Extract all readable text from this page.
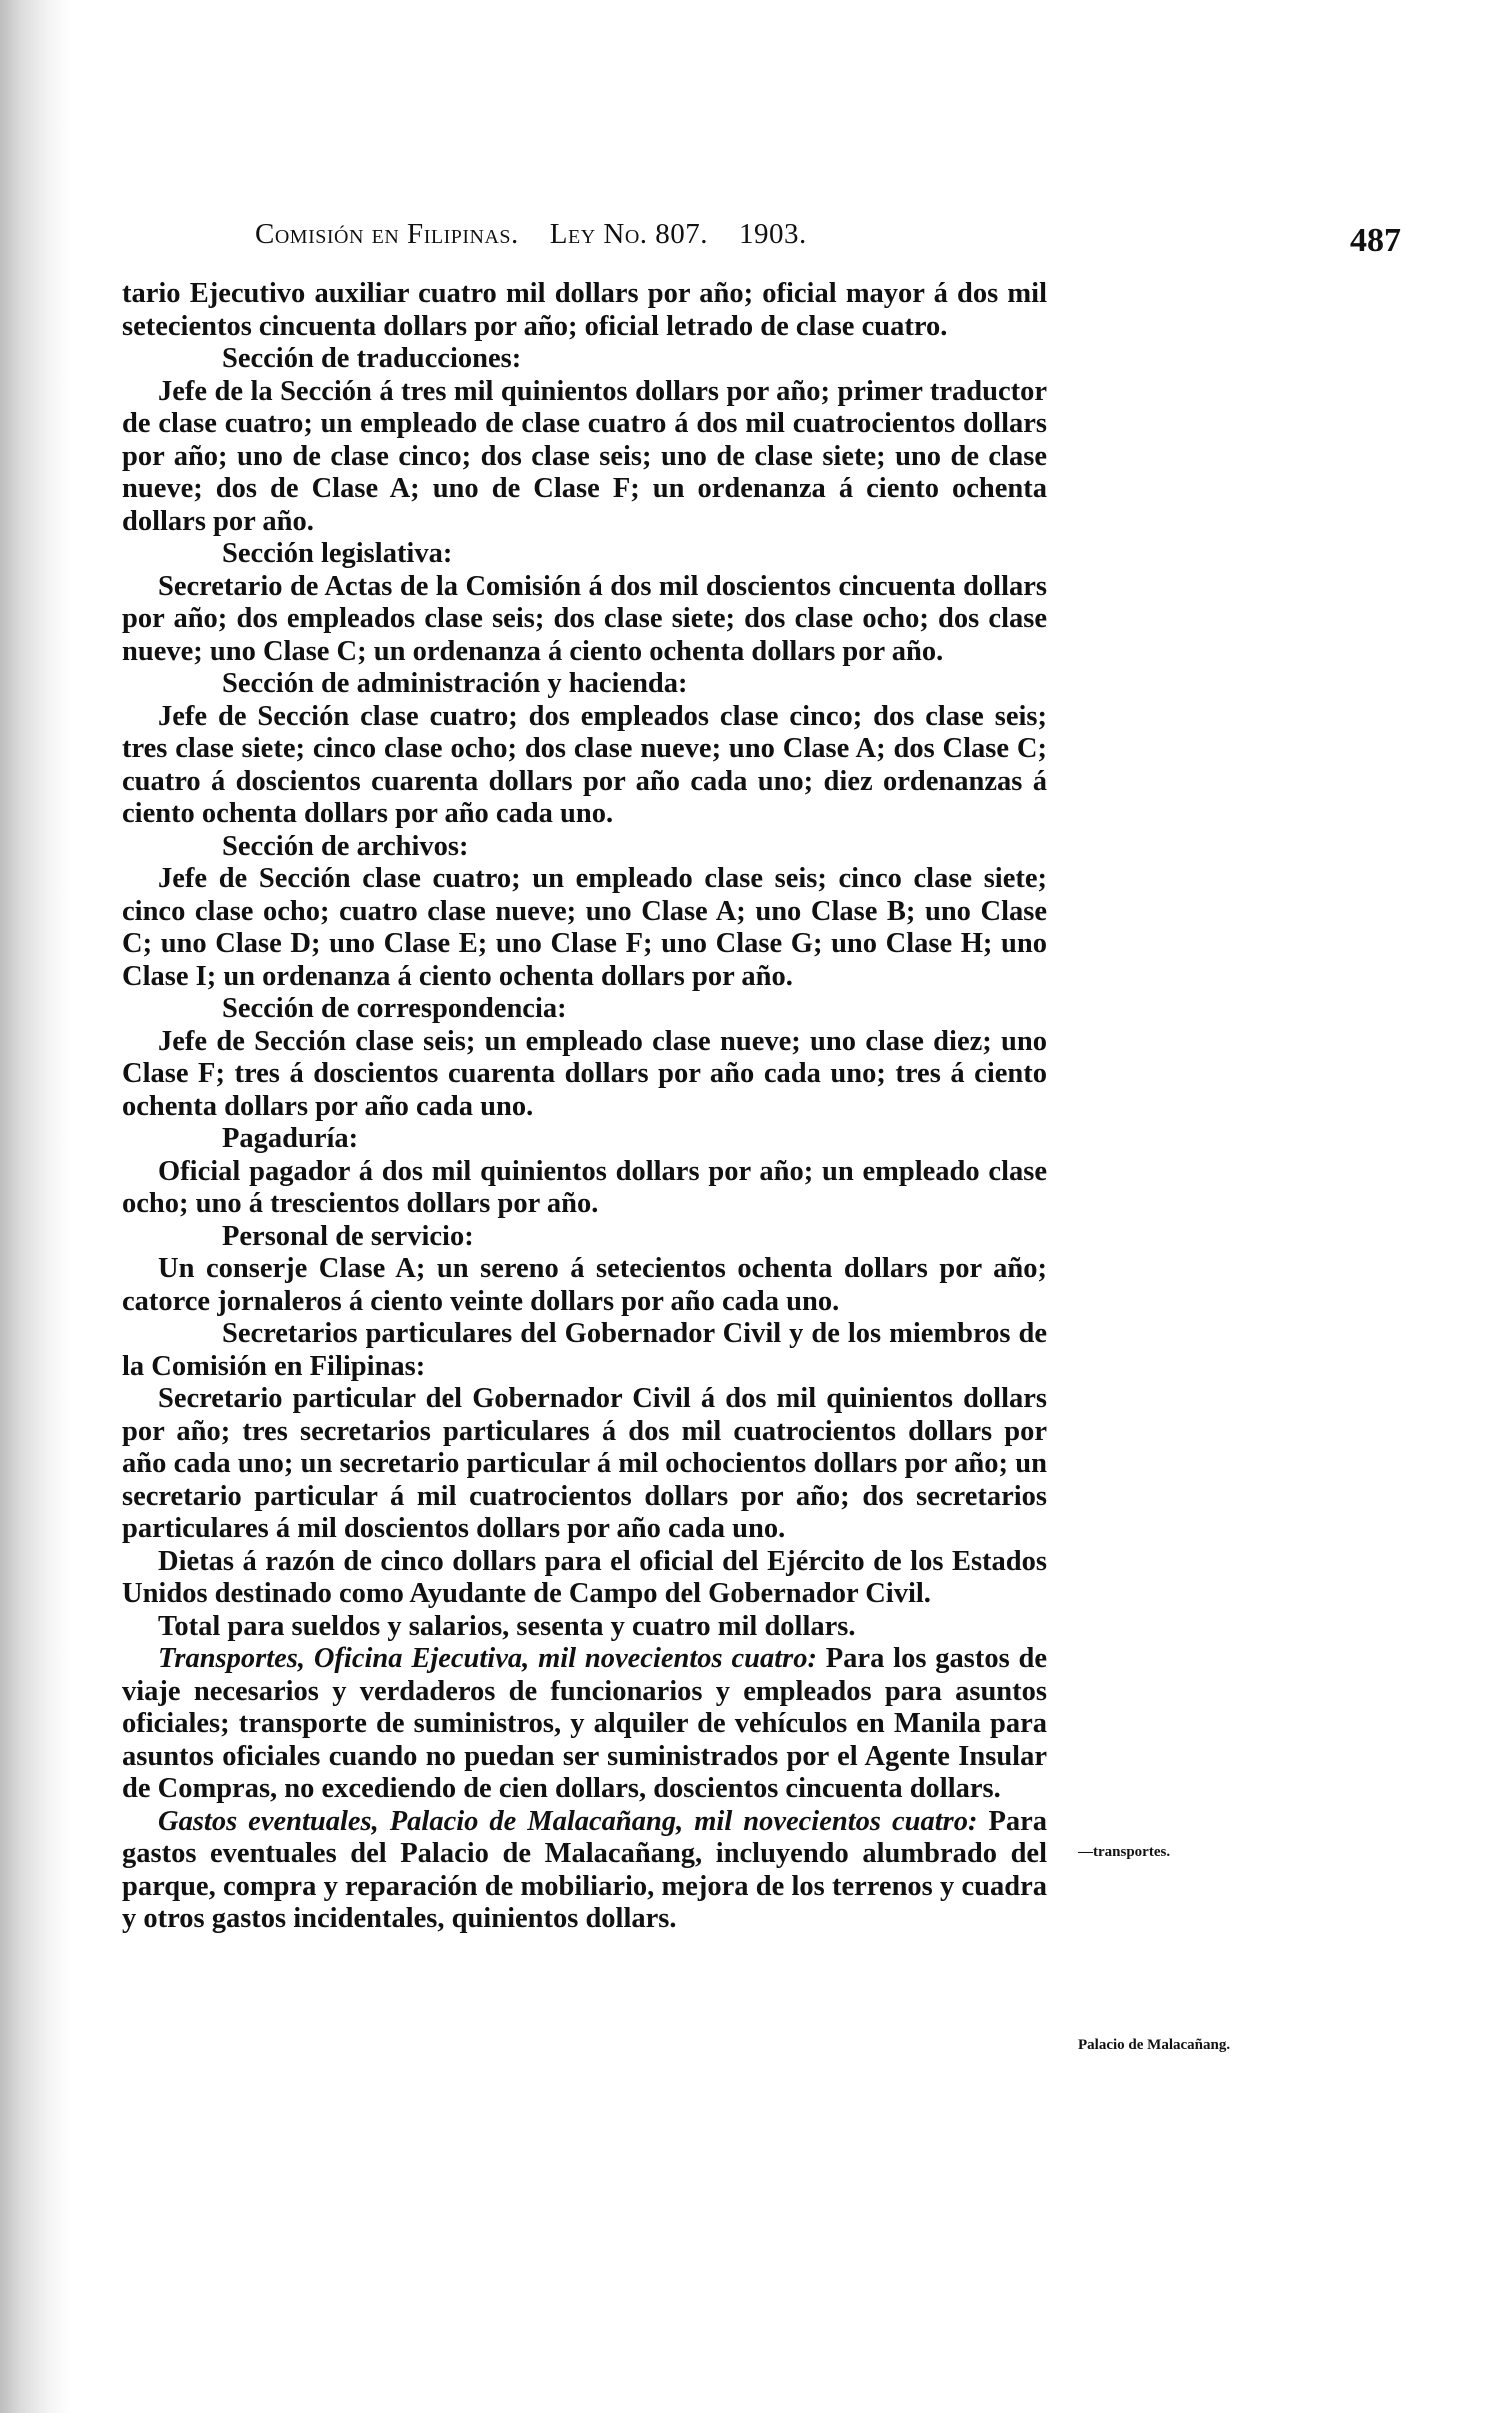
Comisión en Filipinas. Ley No. 807. 1903.	487

tario Ejecutivo auxiliar cuatro mil dollars por año; oficial mayor á dos mil setecientos cincuenta dollars por año; oficial letrado de clase cuatro.

Sección de traducciones:

Jefe de la Sección á tres mil quinientos dollars por año; primer traductor de clase cuatro; un empleado de clase cuatro á dos mil cuatrocientos dollars por año; uno de clase cinco; dos clase seis; uno de clase siete; uno de clase nueve; dos de Clase A; uno de Clase F; un ordenanza á ciento ochenta dollars por año.

Sección legislativa:

Secretario de Actas de la Comisión á dos mil doscientos cincuenta dollars por año; dos empleados clase seis; dos clase siete; dos clase ocho; dos clase nueve; uno Clase C; un ordenanza á ciento ochenta dollars por año.

Sección de administración y hacienda:

Jefe de Sección clase cuatro; dos empleados clase cinco; dos clase seis; tres clase siete; cinco clase ocho; dos clase nueve; uno Clase A; dos Clase C; cuatro á doscientos cuarenta dollars por año cada uno; diez ordenanzas á ciento ochenta dollars por año cada uno.

Sección de archivos:

Jefe de Sección clase cuatro; un empleado clase seis; cinco clase siete; cinco clase ocho; cuatro clase nueve; uno Clase A; uno Clase B; uno Clase C; uno Clase D; uno Clase E; uno Clase F; uno Clase G; uno Clase H; uno Clase I; un ordenanza á ciento ochenta dollars por año.

Sección de correspondencia:

Jefe de Sección clase seis; un empleado clase nueve; uno clase diez; uno Clase F; tres á doscientos cuarenta dollars por año cada uno; tres á ciento ochenta dollars por año cada uno.

Pagaduría:

Oficial pagador á dos mil quinientos dollars por año; un empleado clase ocho; uno á trescientos dollars por año.

Personal de servicio:

Un conserje Clase A; un sereno á setecientos ochenta dollars por año; catorce jornaleros á ciento veinte dollars por año cada uno.

Secretarios particulares del Gobernador Civil y de los miembros de la Comisión en Filipinas:

Secretario particular del Gobernador Civil á dos mil quinientos dollars por año; tres secretarios particulares á dos mil cuatrocientos dollars por año cada uno; un secretario particular á mil ochocientos dollars por año; un secretario particular á mil cuatrocientos dollars por año; dos secretarios particulares á mil doscientos dollars por año cada uno.

Dietas á razón de cinco dollars para el oficial del Ejército de los Estados Unidos destinado como Ayudante de Campo del Gobernador Civil.

Total para sueldos y salarios, sesenta y cuatro mil dollars.

Transportes, Oficina Ejecutiva, mil novecientos cuatro: Para los gastos de viaje necesarios y verdaderos de funcionarios y empleados para asuntos oficiales; transporte de suministros, y alquiler de vehículos en Manila para asuntos oficiales cuando no puedan ser suministrados por el Agente Insular de Compras, no excediendo de cien dollars, doscientos cincuenta dollars.

Gastos eventuales, Palacio de Malacañang, mil novecientos cuatro: Para gastos eventuales del Palacio de Malacañang, incluyendo alumbrado del parque, compra y reparación de mobiliario, mejora de los terrenos y cuadra y otros gastos incidentales, quinientos dollars.

—transportes.
Palacio de Malacañang.
